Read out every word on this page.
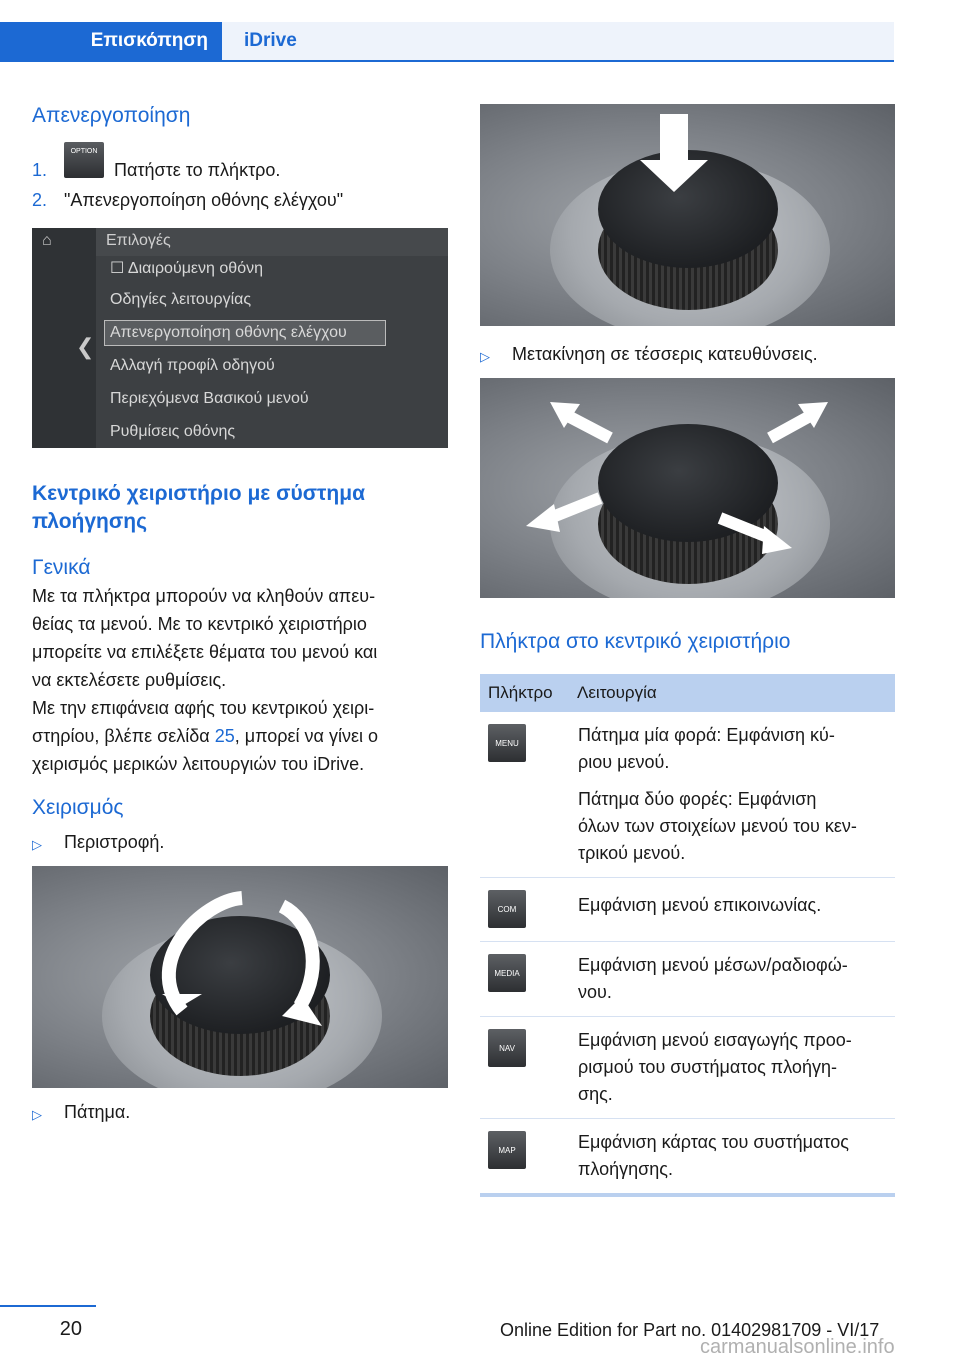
Επισκόπηση	iDrive
Απενεργοποίηση
1.
OPTION
Πατήστε το πλήκτρο.
2. "Απενεργοποίηση οθόνης ελέγχου"
⌂
❮
Επιλογές
☐ Διαιρούμενη οθόνη
Οδηγίες λειτουργίας
Απενεργοποίηση οθόνης ελέγχου
Αλλαγή προφίλ οδηγού
Περιεχόμενα Βασικού μενού
Ρυθμίσεις οθόνης
Κεντρικό χειριστήριο με σύστημα
πλοήγησης
Γενικά
Με τα πλήκτρα μπορούν να κληθούν απευ-
θείας τα μενού. Με το κεντρικό χειριστήριο
μπορείτε να επιλέξετε θέματα του μενού και
να εκτελέσετε ρυθμίσεις.
Με την επιφάνεια αφής του κεντρικού χειρι-
στηρίου, βλέπε σελίδα 25, μπορεί να γίνει ο
χειρισμός μερικών λειτουργιών του iDrive.
Χειρισμός
▷ Περιστροφή.
▷ Πάτημα.
▷ Μετακίνηση σε τέσσερις κατευθύνσεις.
Πλήκτρα στο κεντρικό χειριστήριο
Πλήκτρο	Λειτουργία
MENU	Πάτημα μία φορά: Εμφάνιση κύ-
ριου μενού.

Πάτημα δύο φορές: Εμφάνιση
όλων των στοιχείων μενού του κεν-
τρικού μενού.

COM	Εμφάνιση μενού επικοινωνίας.

MEDIA	Εμφάνιση μενού μέσων/ραδιοφώ-
νου.

NAV	Εμφάνιση μενού εισαγωγής προο-
ρισμού του συστήματος πλοήγη-
σης.

MAP	Εμφάνιση κάρτας του συστήματος
πλοήγησης.

20	Online Edition for Part no. 01402981709 - VI/17
carmanualsonline.info
